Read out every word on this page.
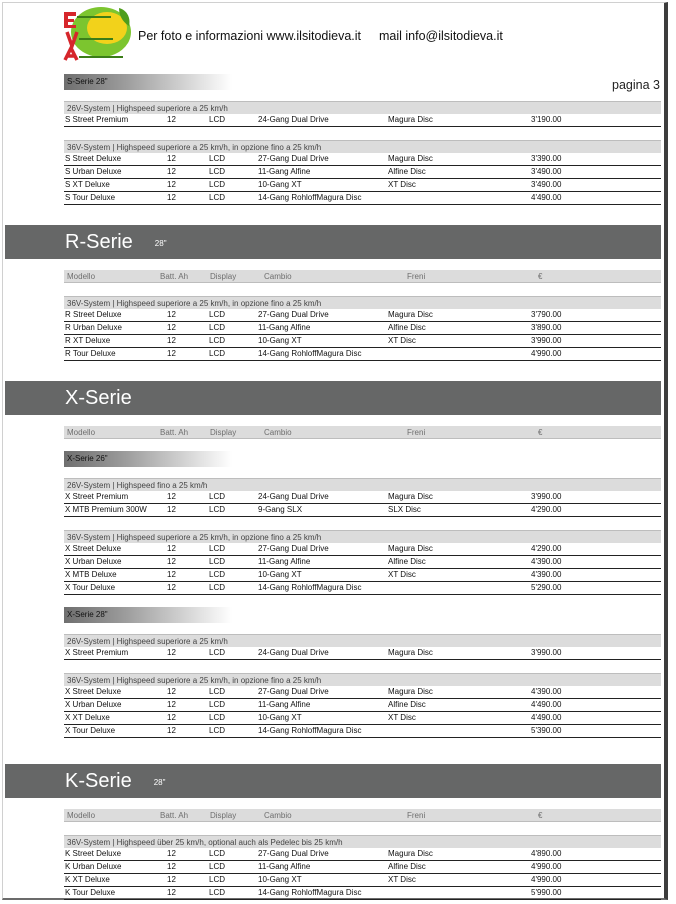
Per foto e informazioni www.ilsitodieva.it mail info@ilsitodieva.it
pagina 3
S-Serie 28"
26V-System | Highspeed superiore a 25 km/h
S Street Premium	12	LCD	24-Gang Dual Drive	Magura Disc	3'190.00
36V-System | Highspeed superiore a 25 km/h, in opzione fino a 25 km/h
S Street Deluxe	12	LCD	27-Gang Dual Drive	Magura Disc	3'390.00
S Urban Deluxe	12	LCD	11-Gang Alfine	Alfine Disc	3'490.00
S XT Deluxe	12	LCD	10-Gang XT	XT Disc	3'490.00
S Tour Deluxe	12	LCD	14-Gang RohloffMagura Disc	4'490.00
R-Serie	28"
Modello	Batt. Ah	Display	Cambio	Freni	€
36V-System | Highspeed superiore a 25 km/h, in opzione fino a 25 km/h
R Street Deluxe	12	LCD	27-Gang Dual Drive	Magura Disc	3'790.00
R Urban Deluxe	12	LCD	11-Gang Alfine	Alfine Disc	3'890.00
R XT Deluxe	12	LCD	10-Gang XT	XT Disc	3'990.00
R Tour Deluxe	12	LCD	14-Gang RohloffMagura Disc	4'990.00
X-Serie
Modello	Batt. Ah	Display	Cambio	Freni	€
X-Serie 26"
26V-System | Highspeed fino a 25 km/h
X Street Premium	12	LCD	24-Gang Dual Drive	Magura Disc	3'990.00
X MTB Premium 300W	12	LCD	9-Gang SLX	SLX Disc	4'290.00
36V-System | Highspeed superiore a 25 km/h, in opzione fino a 25 km/h
X Street Deluxe	12	LCD	27-Gang Dual Drive	Magura Disc	4'290.00
X Urban Deluxe	12	LCD	11-Gang Alfine	Alfine Disc	4'390.00
X MTB Deluxe	12	LCD	10-Gang XT	XT Disc	4'390.00
X Tour Deluxe	12	LCD	14-Gang RohloffMagura Disc	5'290.00
X-Serie 28"
26V-System | Highspeed superiore a 25 km/h
X Street Premium	12	LCD	24-Gang Dual Drive	Magura Disc	3'990.00
36V-System | Highspeed superiore a 25 km/h, in opzione fino a 25 km/h
X Street Deluxe	12	LCD	27-Gang Dual Drive	Magura Disc	4'390.00
X Urban Deluxe	12	LCD	11-Gang Alfine	Alfine Disc	4'490.00
X XT Deluxe	12	LCD	10-Gang XT	XT Disc	4'490.00
X Tour Deluxe	12	LCD	14-Gang RohloffMagura Disc	5'390.00
K-Serie	28"
Modello	Batt. Ah	Display	Cambio	Freni	€
36V-System | Highspeed über 25 km/h, optional auch als Pedelec bis 25 km/h
K Street Deluxe	12	LCD	27-Gang Dual Drive	Magura Disc	4'890.00
K Urban Deluxe	12	LCD	11-Gang Alfine	Alfine Disc	4'990.00
K XT Deluxe	12	LCD	10-Gang XT	XT Disc	4'990.00
K Tour Deluxe	12	LCD	14-Gang RohloffMagura Disc	5'990.00
